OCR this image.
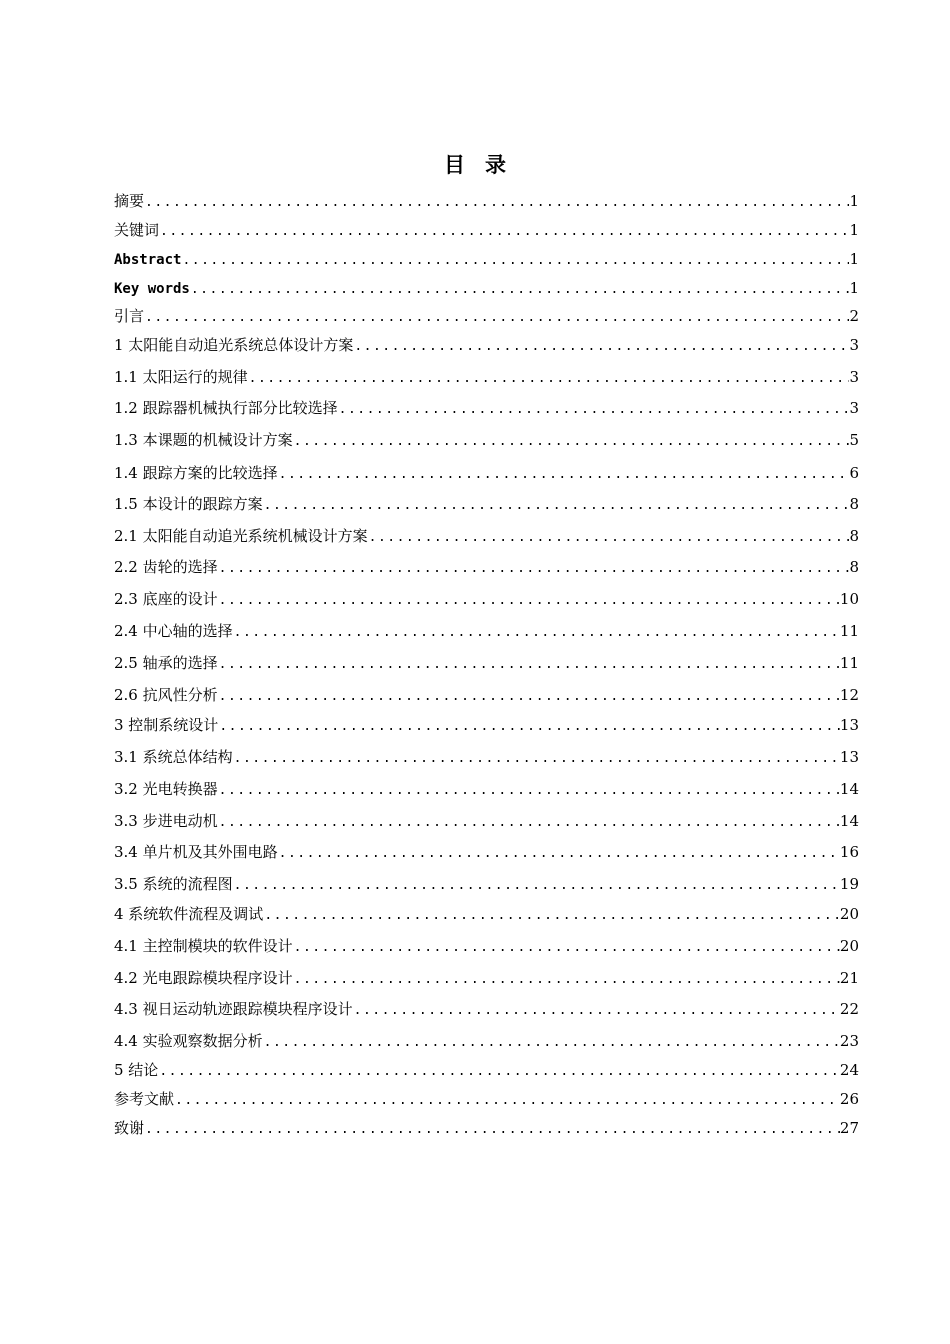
目 录
摘要 .....	1
关键词 .....	1
Abstract .....	1
Key words .....	1
引言 .....	2
1 太阳能自动追光系统总体设计方案 .....	3
1.1 太阳运行的规律 .....	3
1.2 跟踪器机械执行部分比较选择 .....	3
1.3 本课题的机械设计方案 .....	5
1.4 跟踪方案的比较选择 .....	6
1.5 本设计的跟踪方案 .....	8
2.1 太阳能自动追光系统机械设计方案 .....	8
2.2 齿轮的选择 .....	8
2.3 底座的设计 .....	10
2.4 中心轴的选择 .....	11
2.5 轴承的选择 .....	11
2.6 抗风性分析 .....	12
3 控制系统设计 .....	13
3.1 系统总体结构 .....	13
3.2 光电转换器 .....	14
3.3 步进电动机 .....	14
3.4 单片机及其外围电路 .....	16
3.5 系统的流程图 .....	19
4 系统软件流程及调试 .....	20
4.1 主控制模块的软件设计 .....	20
4.2 光电跟踪模块程序设计 .....	21
4.3 视日运动轨迹跟踪模块程序设计 .....	22
4.4 实验观察数据分析 .....	23
5 结论 .....	24
参考文献 .....	26
致谢 .....	27
